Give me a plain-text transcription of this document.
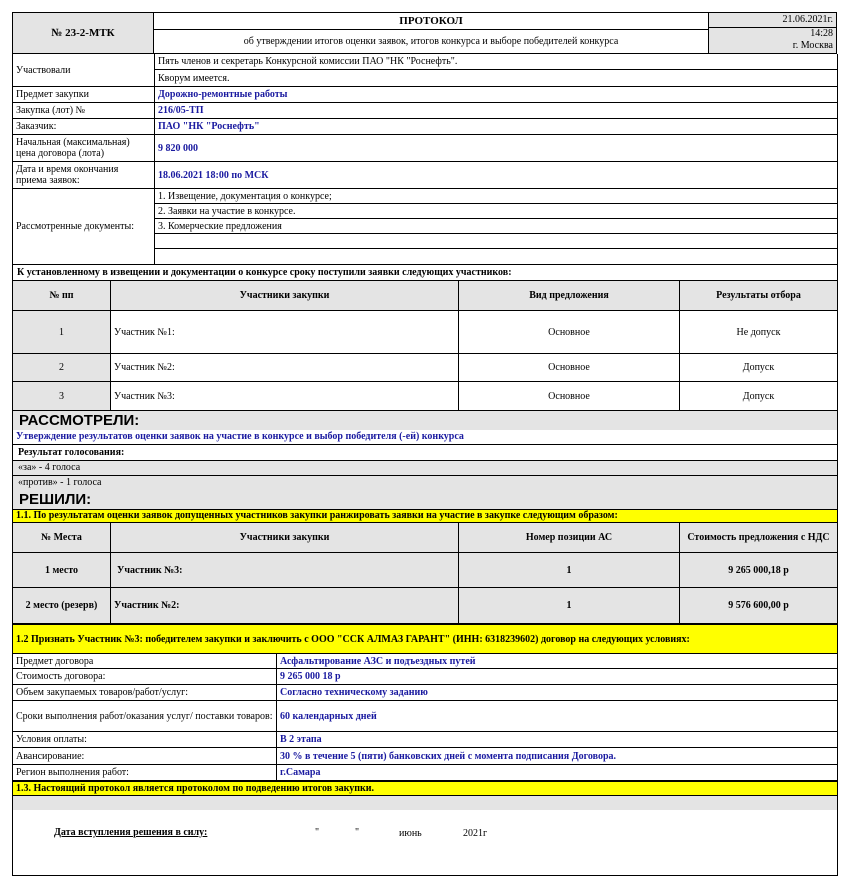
№ 23-2-МТК
ПРОТОКОЛ
об утверждении итогов оценки заявок, итогов конкурса и выборе победителей конкурса
21.06.2021г.
14:28
г. Москва
Участвовали
Пять членов и секретарь Конкурсной комиссии ПАО "НК "Роснефть".
Кворум имеется.
Предмет закупки	Дорожно-ремонтные работы
Закупка (лот) №	216/05-ТП
Заказчик:	ПАО "НК "Роснефть"
Начальная (максимальная) цена договора (лота)	9 820 000
Дата и время окончания приема заявок:	18.06.2021 18:00 по МСК
Рассмотренные документы:
1. Извещение, документация о конкурсе;
2. Заявки на участие в конкурсе.
3. Комерческие предложения
К установленному в извещении и документации о конкурсе сроку поступили заявки следующих участников:
№ пп	Участники закупки	Вид предложения	Результаты отбора
1	Участник №1:	Основное	Не допуск
2	Участник №2:	Основное	Допуск
3	Участник №3:	Основное	Допуск
РАССМОТРЕЛИ:
Утверждение результатов оценки заявок на участие в конкурсе и выбор победителя (-ей) конкурса
Результат голосования:
«за» - 4 голоса
«против» - 1 голоса
РЕШИЛИ:
1.1. По результатам оценки заявок допущенных участников закупки ранжировать заявки на участие в закупке следующим образом:
№ Места	Участники закупки	Номер позиции АС	Стоимость предложения с НДС
1 место	Участник №3:	1	9 265 000,18 р
2 место (резерв)	Участник №2:	1	9 576 600,00 р
1.2 Признать Участник №3: победителем закупки и заключить с ООО "ССК АЛМАЗ ГАРАНТ" (ИНН: 6318239602) договор на следующих условиях:
Предмет договора	Асфальтирование АЗС и подъездных путей
Стоимость договора:	9 265 000 18 р
Объем закупаемых товаров/работ/услуг:	Согласно техническому заданию
Сроки выполнения работ/оказания услуг/ поставки товаров: 60 календарных дней
Условия оплаты:	В 2 этапа
Авансирование:	30 % в течение 5 (пяти) банковских дней с момента подписания Договора.
Регион выполнения работ:	г.Самара
1.3. Настоящий протокол является протоколом по подведению итогов закупки.
Дата вступления решения в силу:	"	"	июнь	2021г
